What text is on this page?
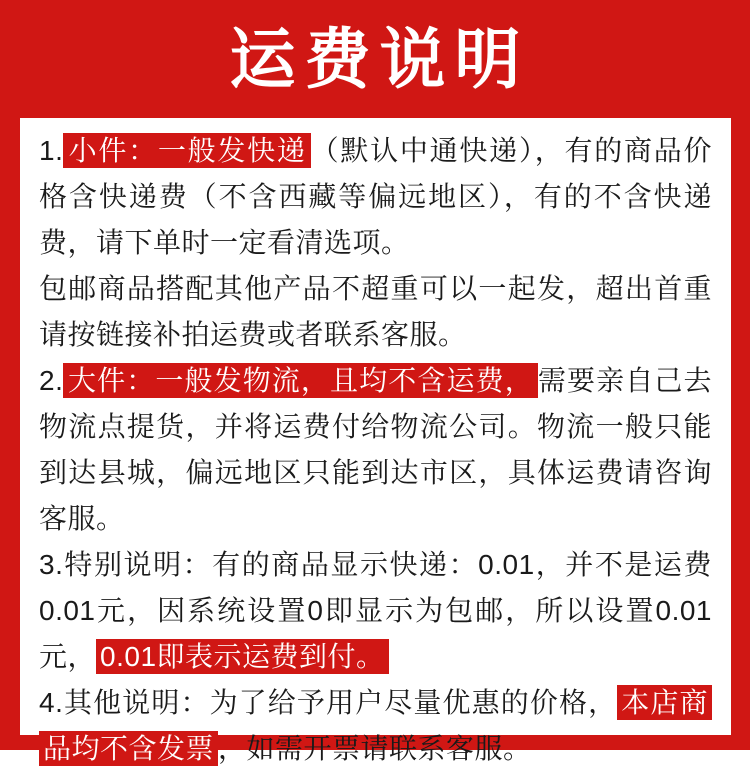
运费说明

1. 小件：一般发快递 （默认中通快递），有的商品价格含快递费（不含西藏等偏远地区），有的不含快递费，请下单时一定看清选项。

包邮商品搭配其他产品不超重可以一起发，超出首重请按链接补拍运费或者联系客服。

2. 大件：一般发物流，且均不含运费， 需要亲自己去物流点提货，并将运费付给物流公司。物流一般只能到达县城，偏远地区只能到达市区，具体运费请咨询客服。

3.特别说明：有的商品显示快递：0.01，并不是运费0.01元，因系统设置0即显示为包邮，所以设置0.01元， 0.01即表示运费到付。

4.其他说明：为了给予用户尽量优惠的价格， 本店商品均不含发票 ，如需开票请联系客服。
